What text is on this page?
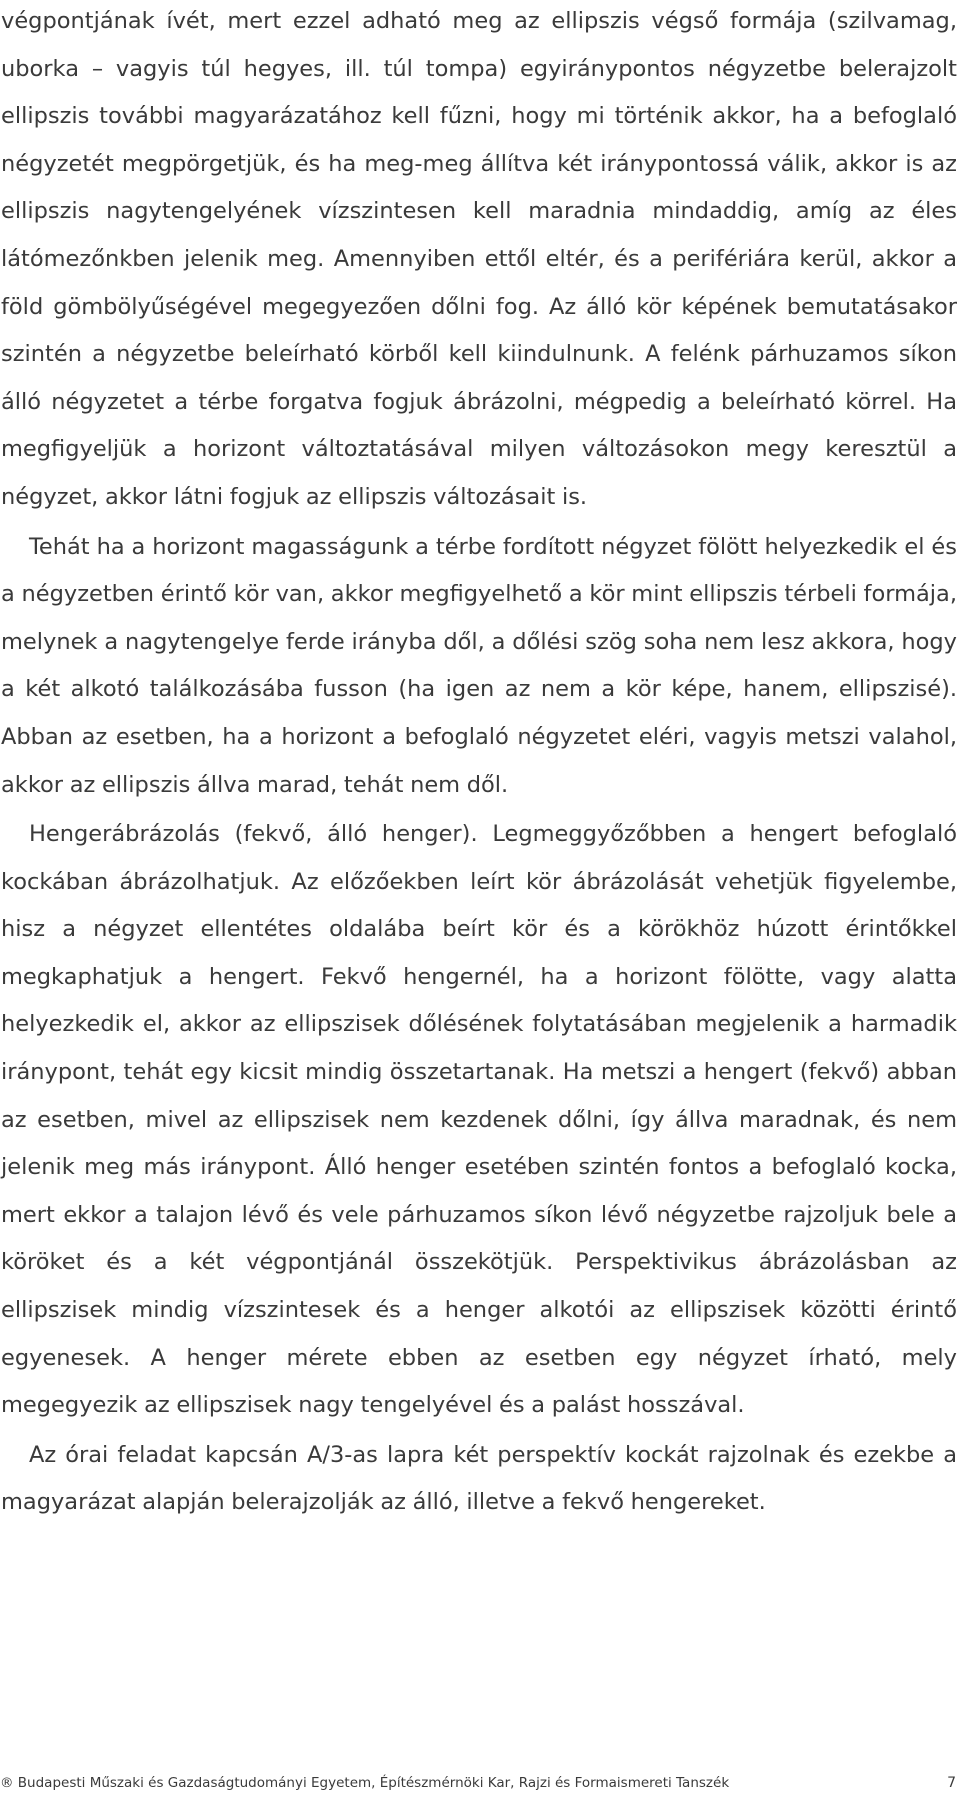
végpontjának ívét, mert ezzel adható meg az ellipszis végső formája (szilvamag, uborka – vagyis túl hegyes, ill. túl tompa) egyiránypontos négyzetbe belerajzolt ellipszis további magyarázatához kell fűzni, hogy mi történik akkor, ha a befoglaló négyzetét megpörgetjük, és ha meg-meg állítva két iránypontossá válik, akkor is az ellipszis nagytengelyének vízszintesen kell maradnia mindaddig, amíg az éles látómezőnkben jelenik meg. Amennyiben ettől eltér, és a perifériára kerül, akkor a föld gömbölyűségével megegyezően dőlni fog. Az álló kör képének bemutatásakor szintén a négyzetbe beleírható körből kell kiindulnunk. A felénk párhuzamos síkon álló négyzetet a térbe forgatva fogjuk ábrázolni, mégpedig a beleírható körrel. Ha megfigyeljük a horizont változtatásával milyen változásokon megy keresztül a négyzet, akkor látni fogjuk az ellipszis változásait is.

Tehát ha a horizont magasságunk a térbe fordított négyzet fölött helyezkedik el és a négyzetben érintő kör van, akkor megfigyelhető a kör mint ellipszis térbeli formája, melynek a nagytengelye ferde irányba dől, a dőlési szög soha nem lesz akkora, hogy a két alkotó találkozásába fusson (ha igen az nem a kör képe, hanem, ellipszisé). Abban az esetben, ha a horizont a befoglaló négyzetet eléri, vagyis metszi valahol, akkor az ellipszis állva marad, tehát nem dől.

Hengerábrázolás (fekvő, álló henger). Legmeggyőzőbben a hengert befoglaló kockában ábrázolhatjuk. Az előzőekben leírt kör ábrázolását vehetjük figyelembe, hisz a négyzet ellentétes oldalába beírt kör és a körökhöz húzott érintőkkel megkaphatjuk a hengert. Fekvő hengernél, ha a horizont fölötte, vagy alatta helyezkedik el, akkor az ellipszisek dőlésének folytatásában megjelenik a harmadik iránypont, tehát egy kicsit mindig összetartanak. Ha metszi a hengert (fekvő) abban az esetben, mivel az ellipszisek nem kezdenek dőlni, így állva maradnak, és nem jelenik meg más iránypont. Álló henger esetében szintén fontos a befoglaló kocka, mert ekkor a talajon lévő és vele párhuzamos síkon lévő négyzetbe rajzoljuk bele a köröket és a két végpontjánál összekötjük. Perspektivikus ábrázolásban az ellipszisek mindig vízszintesek és a henger alkotói az ellipszisek közötti érintő egyenesek. A henger mérete ebben az esetben egy négyzet írható, mely megegyezik az ellipszisek nagy tengelyével és a palást hosszával.

Az órai feladat kapcsán A/3-as lapra két perspektív kockát rajzolnak és ezekbe a magyarázat alapján belerajzolják az álló, illetve a fekvő hengereket.

® Budapesti Műszaki és Gazdaságtudományi Egyetem, Építészmérnöki Kar, Rajzi és Formaismereti Tanszék	7
